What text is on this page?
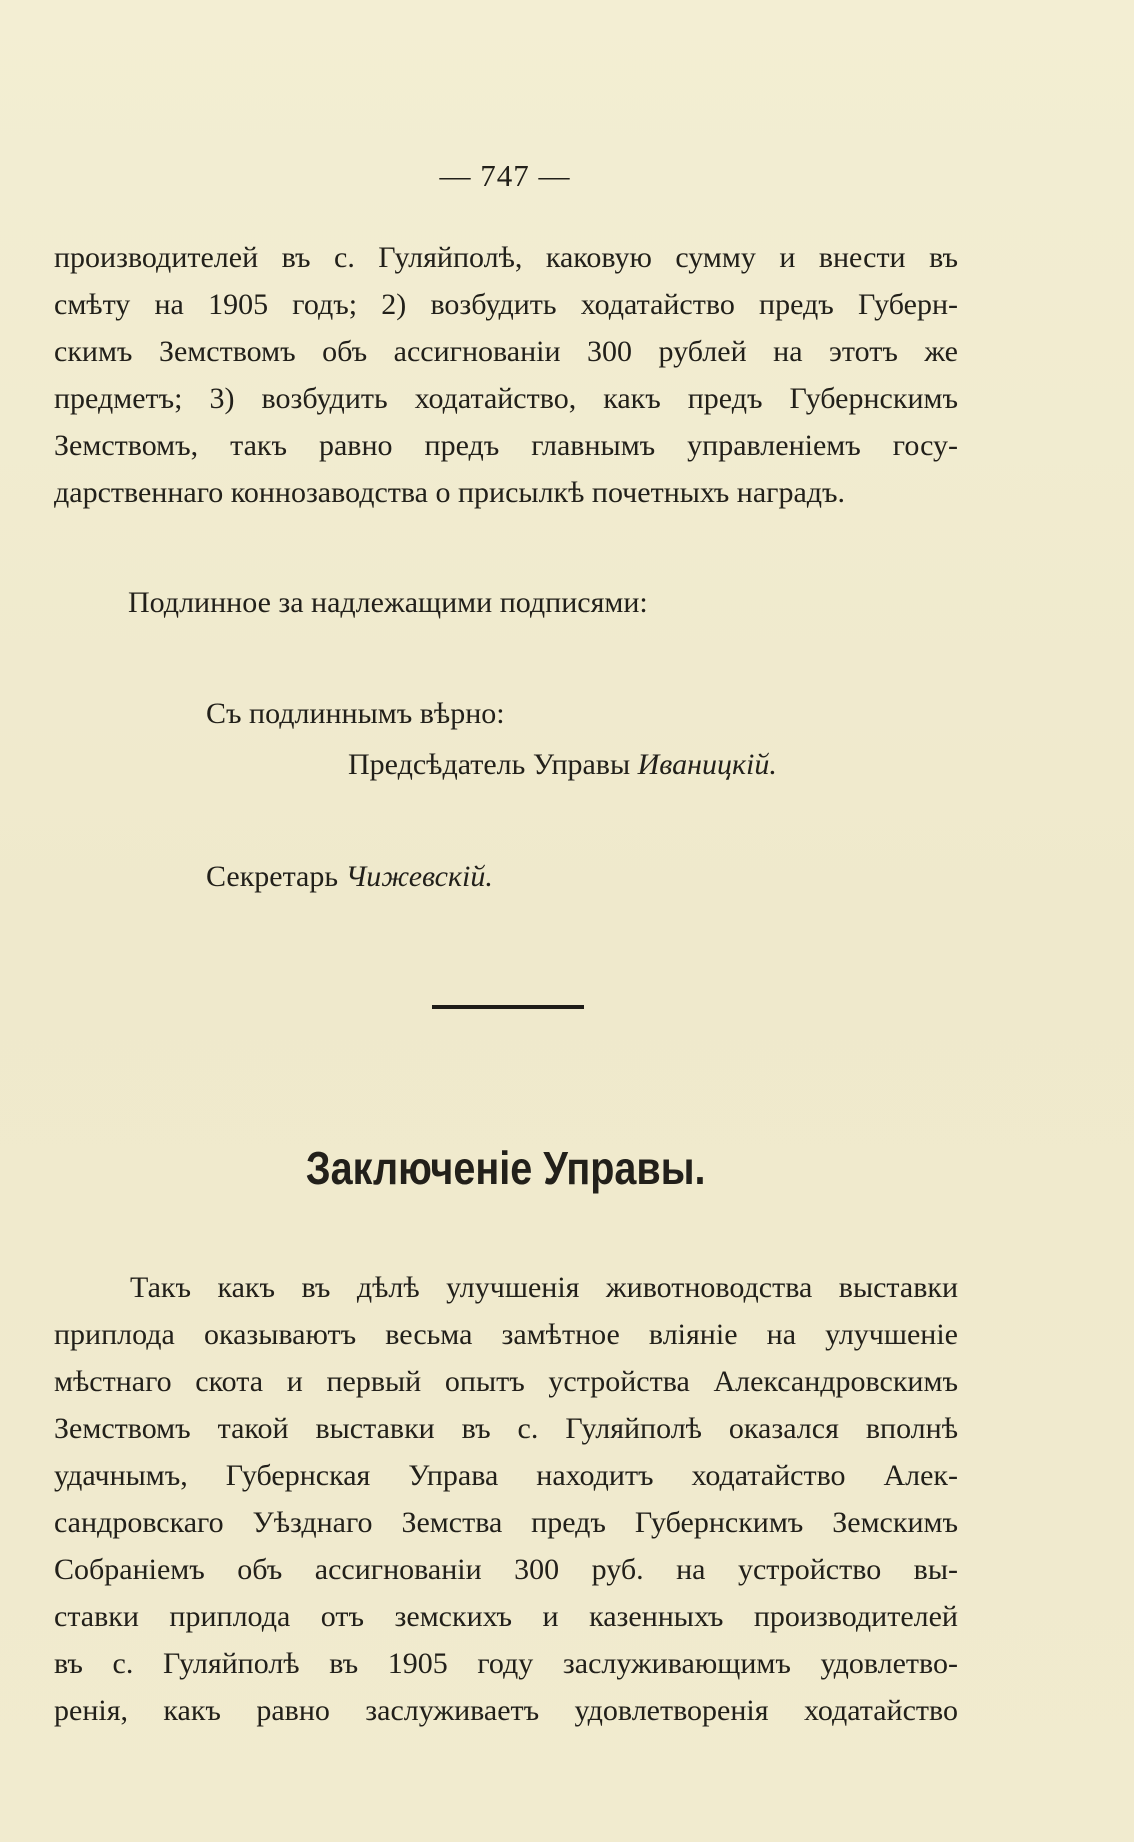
— 747 —
производителей въ с. Гуляйполѣ, каковую сумму и внести въ
смѣту на 1905 годъ; 2) возбудить ходатайство предъ Губерн-
скимъ Земствомъ объ ассигнованіи 300 рублей на этотъ же
предметъ; 3) возбудить ходатайство, какъ предъ Губернскимъ
Земствомъ, такъ равно предъ главнымъ управленіемъ госу-
дарственнаго коннозаводства о присылкѣ почетныхъ наградъ.
Подлинное за надлежащими подписями:
Съ подлиннымъ вѣрно:
Предсѣдатель Управы Иваницкій.
Секретарь Чижевскій.
Заключеніе Управы.
Такъ какъ въ дѣлѣ улучшенія животноводства выставки
приплода оказываютъ весьма замѣтное вліяніе на улучшеніе
мѣстнаго скота и первый опытъ устройства Александровскимъ
Земствомъ такой выставки въ с. Гуляйполѣ оказался вполнѣ
удачнымъ, Губернская Управа находитъ ходатайство Алек-
сандровскаго Уѣзднаго Земства предъ Губернскимъ Земскимъ
Собраніемъ объ ассигнованіи 300 руб. на устройство вы-
ставки приплода отъ земскихъ и казенныхъ производителей
въ с. Гуляйполѣ въ 1905 году заслуживающимъ удовлетво-
ренія, какъ равно заслуживаетъ удовлетворенія ходатайство
